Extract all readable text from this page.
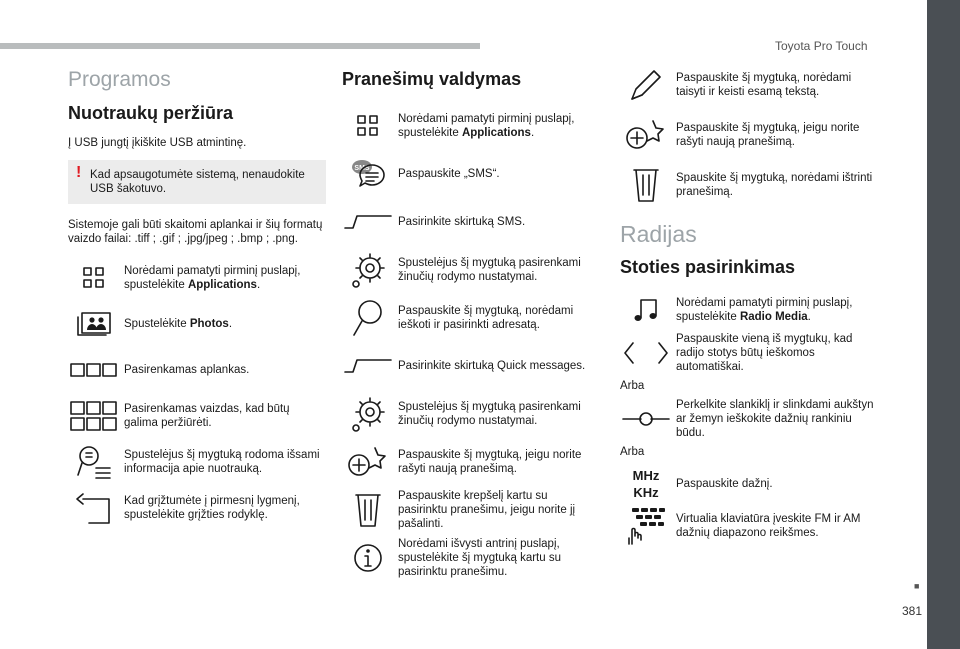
Toyota Pro Touch
Programos
Nuotraukų peržiūra
Į USB jungtį įkiškite USB atmintinę.
! Kad apsaugotumėte sistemą, nenaudokite USB šakotuvo.
Sistemoje gali būti skaitomi aplankai ir šių formatų vaizdo failai: .tiff ; .gif ; .jpg/jpeg ; .bmp ; .png.
Norėdami pamatyti pirminį puslapį, spustelėkite Applications.
Spustelėkite Photos.
Pasirenkamas aplankas.
Pasirenkamas vaizdas, kad būtų galima peržiūrėti.
Spustelėjus šį mygtuką rodoma išsami informacija apie nuotrauką.
Kad grįžtumėte į pirmesnį lygmenį, spustelėkite grįžties rodyklę.
Pranešimų valdymas
Norėdami pamatyti pirminį puslapį, spustelėkite Applications.
SMS	Paspauskite „SMS“.
Pasirinkite skirtuką SMS.
Spustelėjus šį mygtuką pasirenkami žinučių rodymo nustatymai.
Paspauskite šį mygtuką, norėdami ieškoti ir pasirinkti adresatą.
Pasirinkite skirtuką Quick messages.
Spustelėjus šį mygtuką pasirenkami žinučių rodymo nustatymai.
Paspauskite šį mygtuką, jeigu norite rašyti naują pranešimą.
Paspauskite krepšelį kartu su pasirinktu pranešimu, jeigu norite jį pašalinti.
Norėdami išvysti antrinį puslapį, spustelėkite šį mygtuką kartu su pasirinktu pranešimu.
Paspauskite šį mygtuką, norėdami taisyti ir keisti esamą tekstą.
Paspauskite šį mygtuką, jeigu norite rašyti naują pranešimą.
Spauskite šį mygtuką, norėdami ištrinti pranešimą.
Radijas
Stoties pasirinkimas
Norėdami pamatyti pirminį puslapį, spustelėkite Radio Media.
Paspauskite vieną iš mygtukų, kad radijo stotys būtų ieškomos automatiškai.
Arba
Perkelkite slankiklį ir slinkdami aukštyn ar žemyn ieškokite dažnių rankiniu būdu.
Arba
MHz
KHz
Paspauskite dažnį.
Virtualia klaviatūra įveskite FM ir AM dažnių diapazono reikšmes.
■
381
